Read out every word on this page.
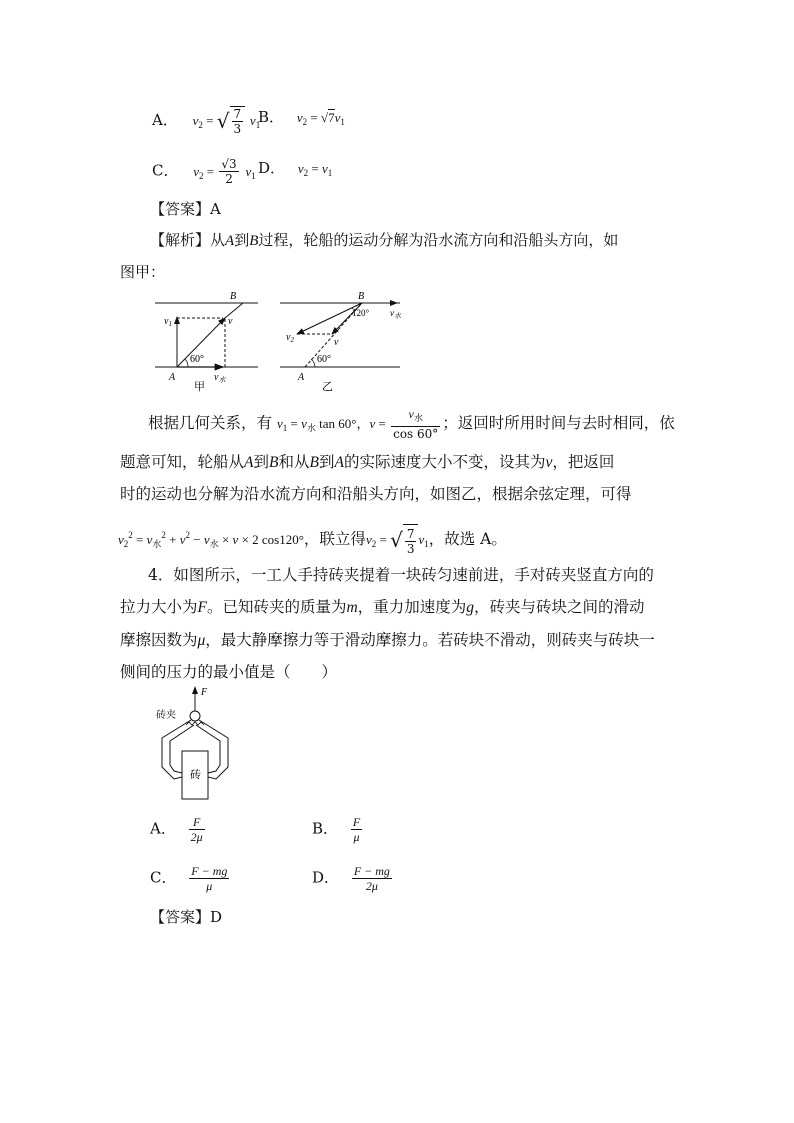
A． $v_2$ = √ $\frac{7}{3} v_1$
B． $v_2 = √7v_1$
C． $v_2 = \frac{√3}{2} v_1$ D． $v_2 = v_1$
【答案】A
【解析】从A到B过程，轮船的运动分解为沿水流方向和沿船头方向，如
图甲：
$v_1$	v
60°
B
A	$v_水$
甲
B
120° $v_水$
$v_2$	v
60°
A
乙
根据几何关系，有 $v_1 = v_水$ tan 60°，$v = \frac{v_水}{\cos 60^\circ}$ ；返回时所用时间与去时相同，依
题意可知，轮船从A到B和从B到A的实际速度大小不变，设其为v，把返回
时的运动也分解为沿水流方向和沿船头方向，如图乙，根据余弦定理，可得
$v_2^2 = v_水^2 + v^2 - v_水 \times v \times 2$ cos120°，联立得$v_2$ = √ $\frac{7}{3} v_1$，故选 A。
4．如图所示，一工人手持砖夹提着一块砖匀速前进，手对砖夹竖直方向的
拉力大小为F。已知砖夹的质量为m，重力加速度为g，砖夹与砖块之间的滑动
摩擦因数为μ，最大静摩擦力等于滑动摩擦力。若砖块不滑动，则砖夹与砖块一
侧间的压力的最小值是（　　）
F
砖夹
砖
A． $\frac{F}{2\mu}$	B． $\frac{F}{\mu}$
C． $\frac{F - mg}{\mu}$	D． $\frac{F - mg}{2\mu}$
【答案】D
